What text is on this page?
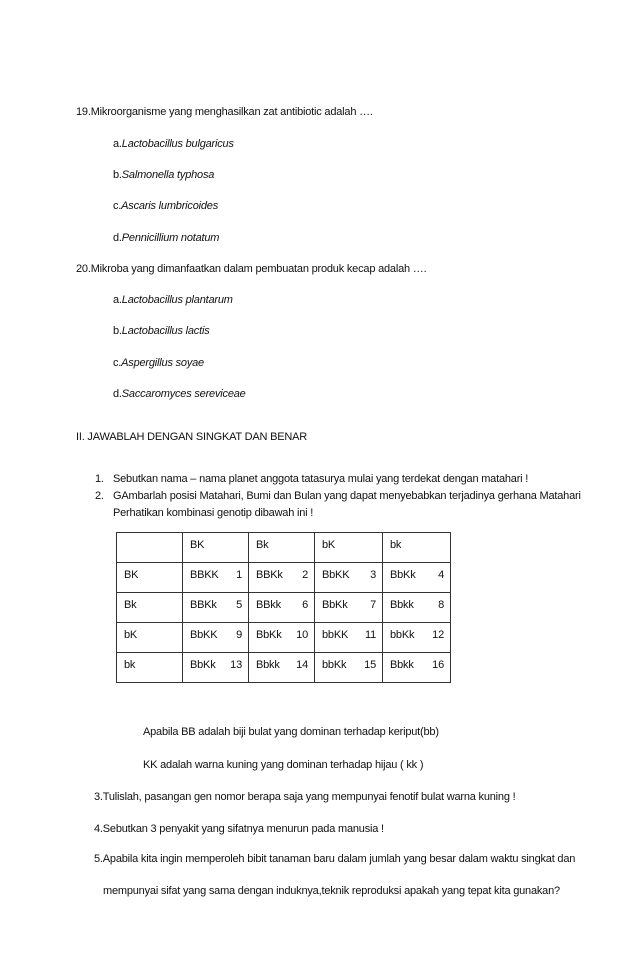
19.Mikroorganisme yang menghasilkan zat antibiotic adalah ….
a.Lactobacillus bulgaricus
b.Salmonella typhosa
c.Ascaris lumbricoides
d.Pennicillium notatum
20.Mikroba yang dimanfaatkan dalam pembuatan produk kecap adalah ….
a.Lactobacillus plantarum
b.Lactobacillus lactis
c.Aspergillus soyae
d.Saccaromyces sereviceae
II. JAWABLAH DENGAN SINGKAT DAN BENAR
1. Sebutkan nama – nama planet anggota tatasurya mulai yang terdekat dengan matahari !
2. GAmbarlah posisi Matahari, Bumi dan Bulan yang dapat menyebabkan terjadinya gerhana Matahari
Perhatikan kombinasi genotip dibawah ini !
	BK	Bk	bK	bk
BK	BBKK 1	BBKk 2	BbKK 3	BbKk 4

Bk	BBKk 5	BBkk 6	BbKk 7	Bbkk 8

bK	BbKK 9	BbKk 10	bbKK 11	bbKk 12

bk	BbKk 13	Bbkk 14	bbKk 15	Bbkk 16
Apabila BB adalah biji bulat yang dominan terhadap keriput(bb)
KK adalah warna kuning yang dominan terhadap hijau ( kk )
3.Tulislah, pasangan gen nomor berapa saja yang mempunyai fenotif bulat warna kuning !
4.Sebutkan 3 penyakit yang sifatnya menurun pada manusia !
5.Apabila kita ingin memperoleh bibit tanaman baru dalam jumlah yang besar dalam waktu singkat dan
mempunyai sifat yang sama dengan induknya,teknik reproduksi apakah yang tepat kita gunakan?
